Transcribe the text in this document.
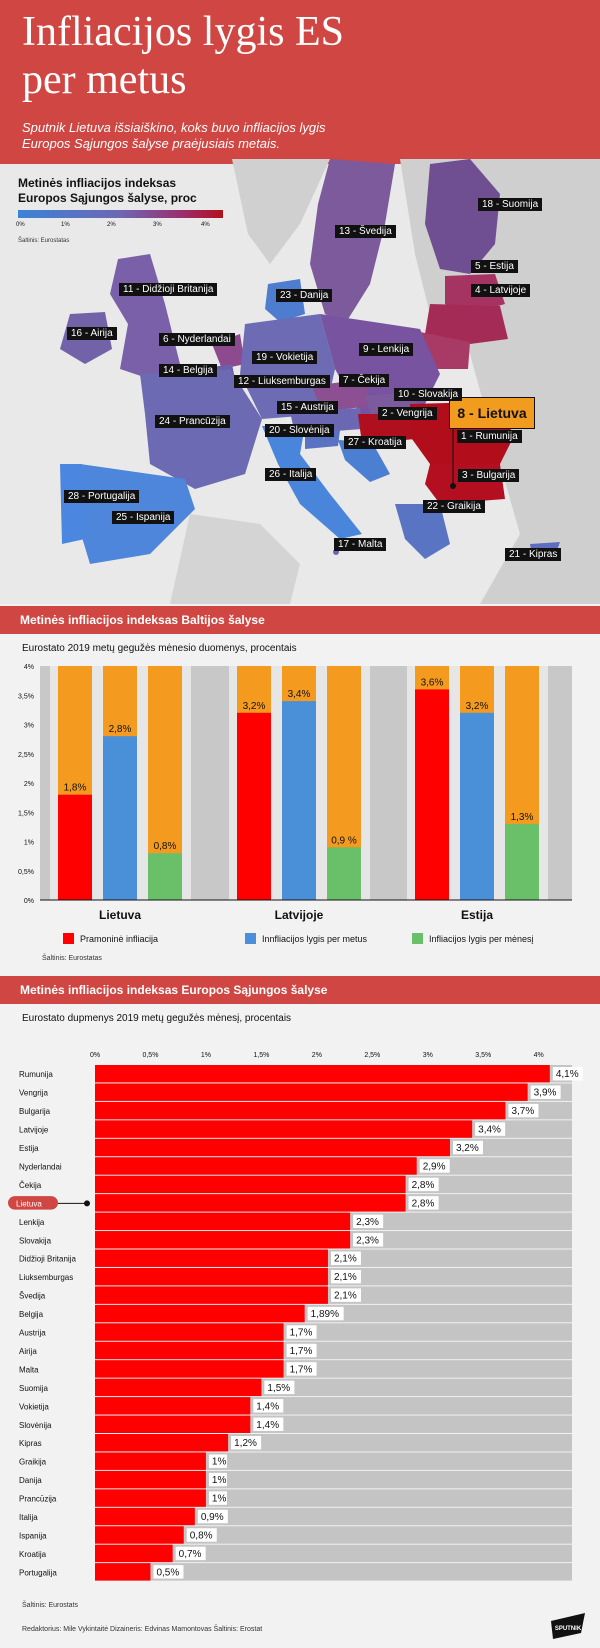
Infliacijos lygis ES
per metus
Sputnik Lietuva išsiaiškino, koks buvo infliacijos lygis
Europos Sąjungos šalyse praėjusiais metais.
Metinės infliacijos indeksas
Europos Sąjungos šalyse, proc
0%	1%	2%	3%	4%
Šaltinis: Eurostatas
8 - Lietuva
18 - Suomija
13 - Švedija
5 - Estija
4 - Latvijoje
11 - Didžioji Britanija
23 - Danija
16 - Airija
6 - Nyderlandai
9 - Lenkija
19 - Vokietija
14 - Belgija
12 - Liuksemburgas	7 - Čekija
10 - Slovakija
24 - Prancūzija
15 - Austrija
2 - Vengrija
20 - Slovėnija
1 - Rumunija
27 - Kroatija
26 - Italija	3 - Bulgarija
28 - Portugalija
22 - Graikija
25 - Ispanija
17 - Malta
21 - Kipras
Metinės infliacijos indeksas Baltijos šalyse
Eurostato 2019 metų gegužės mėnesio duomenys, procentais
0%
0,5%
1%
1,5%
2%
2,5%
3%
3,5%
4%
1,8%
2,8%
0,8%
Lietuva
3,2%
3,4%
0,9 %
Latvijoje
3,6%
3,2%
1,3%
Estija
Pramoninė infliacija	Innfliacijos lygis per metus	Infliacijos lygis per mėnesį
Šaltinis: Eurostatas
Metinės infliacijos indeksas Europos Sąjungos šalyse
Eurostato dupmenys 2019 metų gegužės mėnesį, procentais
0%	0,5%	1%	1,5%	2%	2,5%	3%	3,5%	4%
Rumunija	4,1%
Vengrija	3,9%
Bulgarija	3,7%
Latvijoje	3,4%
Estija	3,2%
Nyderlandai	2,9%
Čekija	2,8%
Lietuva	2,8%
Lenkija	2,3%
Slovakija	2,3%
Didžioji Britanija	2,1%
Liuksemburgas	2,1%
Švedija	2,1%
Belgija	1,89%
Austrija	1,7%
Airija	1,7%
Malta	1,7%
Suomija	1,5%
Vokietija	1,4%
Slovėnija	1,4%
Kipras	1,2%
Graikija	1%
Danija	1%
Prancūzija	1%
Italija	0,9%
Ispanija	0,8%
Kroatija	0,7%
Portugalija	0,5%
Šaltinis: Eurostats
Redaktorius: Mile Vykintaitė Dizaineris: Edvinas Mamontovas Šaltinis: Erostat	SPUTNIK
